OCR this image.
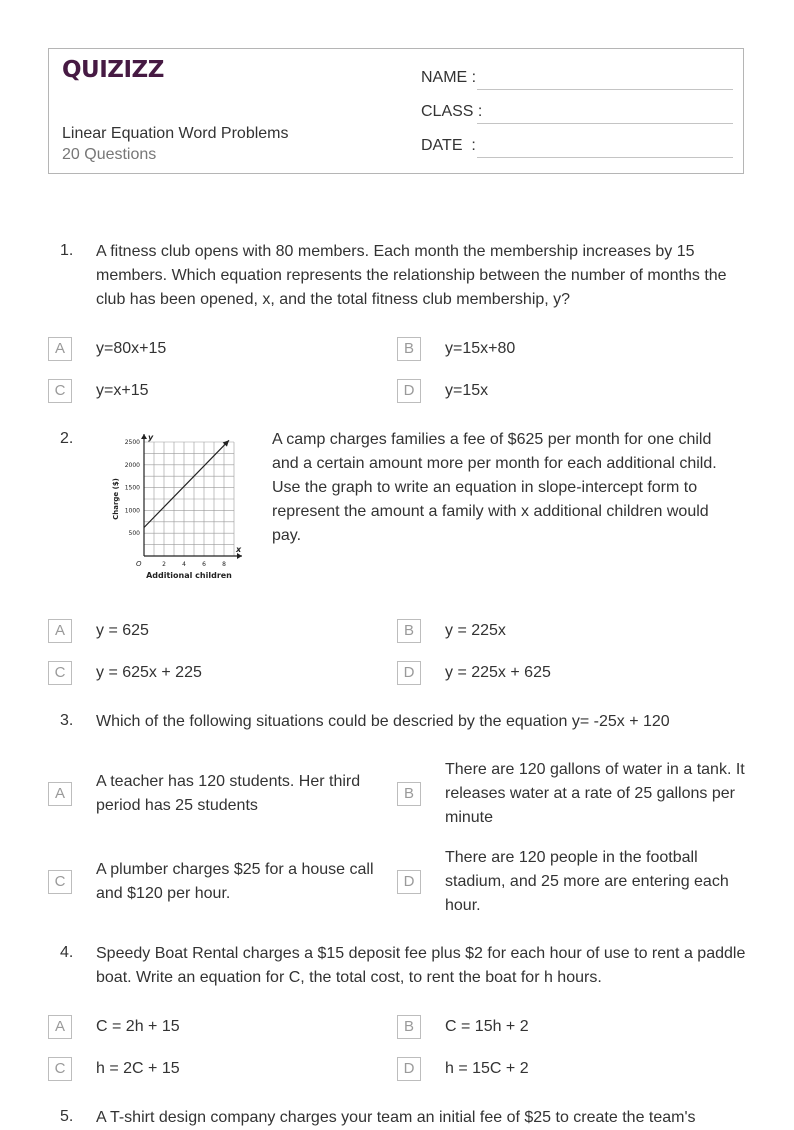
QUIZIZZ
Linear Equation Word Problems
20 Questions
NAME :
CLASS :
DATE  :
1. A fitness club opens with 80 members. Each month the membership increases by 15 members. Which equation represents the relationship between the number of months the club has been opened, x, and the total fitness club membership, y?
A	y=80x+15	B	y=15x+80
C	y=x+15	D	y=15x
2.
2	4	6	8
500
1000
1500
2000
2500
O
x
y
Additional children
Charge ($)
A camp charges families a fee of $625 per month for one child and a certain amount more per month for each additional child. Use the graph to write an equation in slope-intercept form to represent the amount a family with x additional children would pay.
A	y = 625	B	y = 225x
C	y = 625x + 225	D	y = 225x + 625
3. Which of the following situations could be descried by the equation y= -25x + 120
A
A teacher has 120 students. Her third period has 25 students
B
There are 120 gallons of water in a tank. It releases water at a rate of 25 gallons per minute
C
A plumber charges $25 for a house call and $120 per hour.
D
There are 120 people in the football stadium, and 25 more are entering each hour.
4. Speedy Boat Rental charges a $15 deposit fee plus $2 for each hour of use to rent a paddle boat. Write an equation for C, the total cost, to rent the boat for h hours.
A	C = 2h + 15	B	C = 15h + 2
C	h = 2C + 15	D	h = 15C + 2
5. A T-shirt design company charges your team an initial fee of $25 to create the team's
